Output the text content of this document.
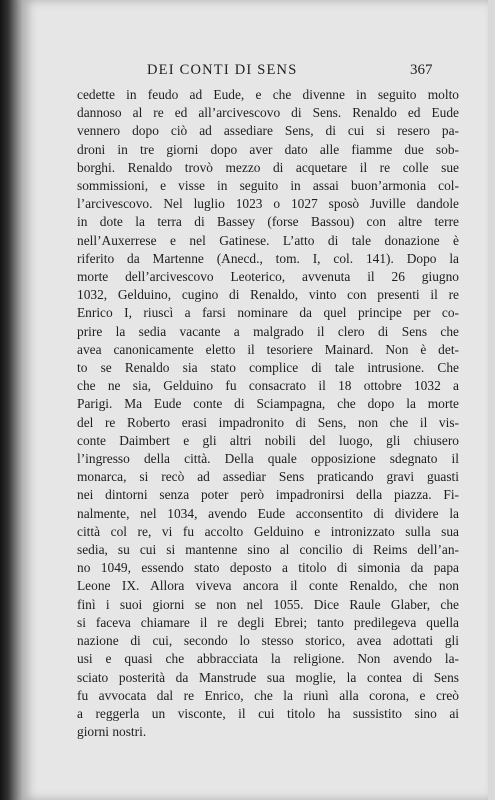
DEI CONTI DI SENS	367
cedette in feudo ad Eude, e che divenne in seguito molto
dannoso al re ed all’arcivescovo di Sens. Renaldo ed Eude
vennero dopo ciò ad assediare Sens, di cui si resero pa-
droni in tre giorni dopo aver dato alle fiamme due sob-
borghi. Renaldo trovò mezzo di acquetare il re colle sue
sommissioni, e visse in seguito in assai buon’armonia col-
l’arcivescovo. Nel luglio 1023 o 1027 sposò Juville dandole
in dote la terra di Bassey (forse Bassou) con altre terre
nell’Auxerrese e nel Gatinese. L’atto di tale donazione è
riferito da Martenne (Anecd., tom. I, col. 141). Dopo la
morte dell’arcivescovo Leoterico, avvenuta il 26 giugno
1032, Gelduino, cugino di Renaldo, vinto con presenti il re
Enrico I, riuscì a farsi nominare da quel principe per co-
prire la sedia vacante a malgrado il clero di Sens che
avea canonicamente eletto il tesoriere Mainard. Non è det-
to se Renaldo sia stato complice di tale intrusione. Che
che ne sia, Gelduino fu consacrato il 18 ottobre 1032 a
Parigi. Ma Eude conte di Sciampagna, che dopo la morte
del re Roberto erasi impadronito di Sens, non che il vis-
conte Daimbert e gli altri nobili del luogo, gli chiusero
l’ingresso della città. Della quale opposizione sdegnato il
monarca, si recò ad assediar Sens praticando gravi guasti
nei dintorni senza poter però impadronirsi della piazza. Fi-
nalmente, nel 1034, avendo Eude acconsentito di dividere la
città col re, vi fu accolto Gelduino e intronizzato sulla sua
sedia, su cui si mantenne sino al concilio di Reims dell’an-
no 1049, essendo stato deposto a titolo di simonia da papa
Leone IX. Allora viveva ancora il conte Renaldo, che non
finì i suoi giorni se non nel 1055. Dice Raule Glaber, che
si faceva chiamare il re degli Ebrei; tanto predilegeva quella
nazione di cui, secondo lo stesso storico, avea adottati gli
usi e quasi che abbracciata la religione. Non avendo la-
sciato posterità da Manstrude sua moglie, la contea di Sens
fu avvocata dal re Enrico, che la riunì alla corona, e creò
a reggerla un visconte, il cui titolo ha sussistito sino ai
giorni nostri.
